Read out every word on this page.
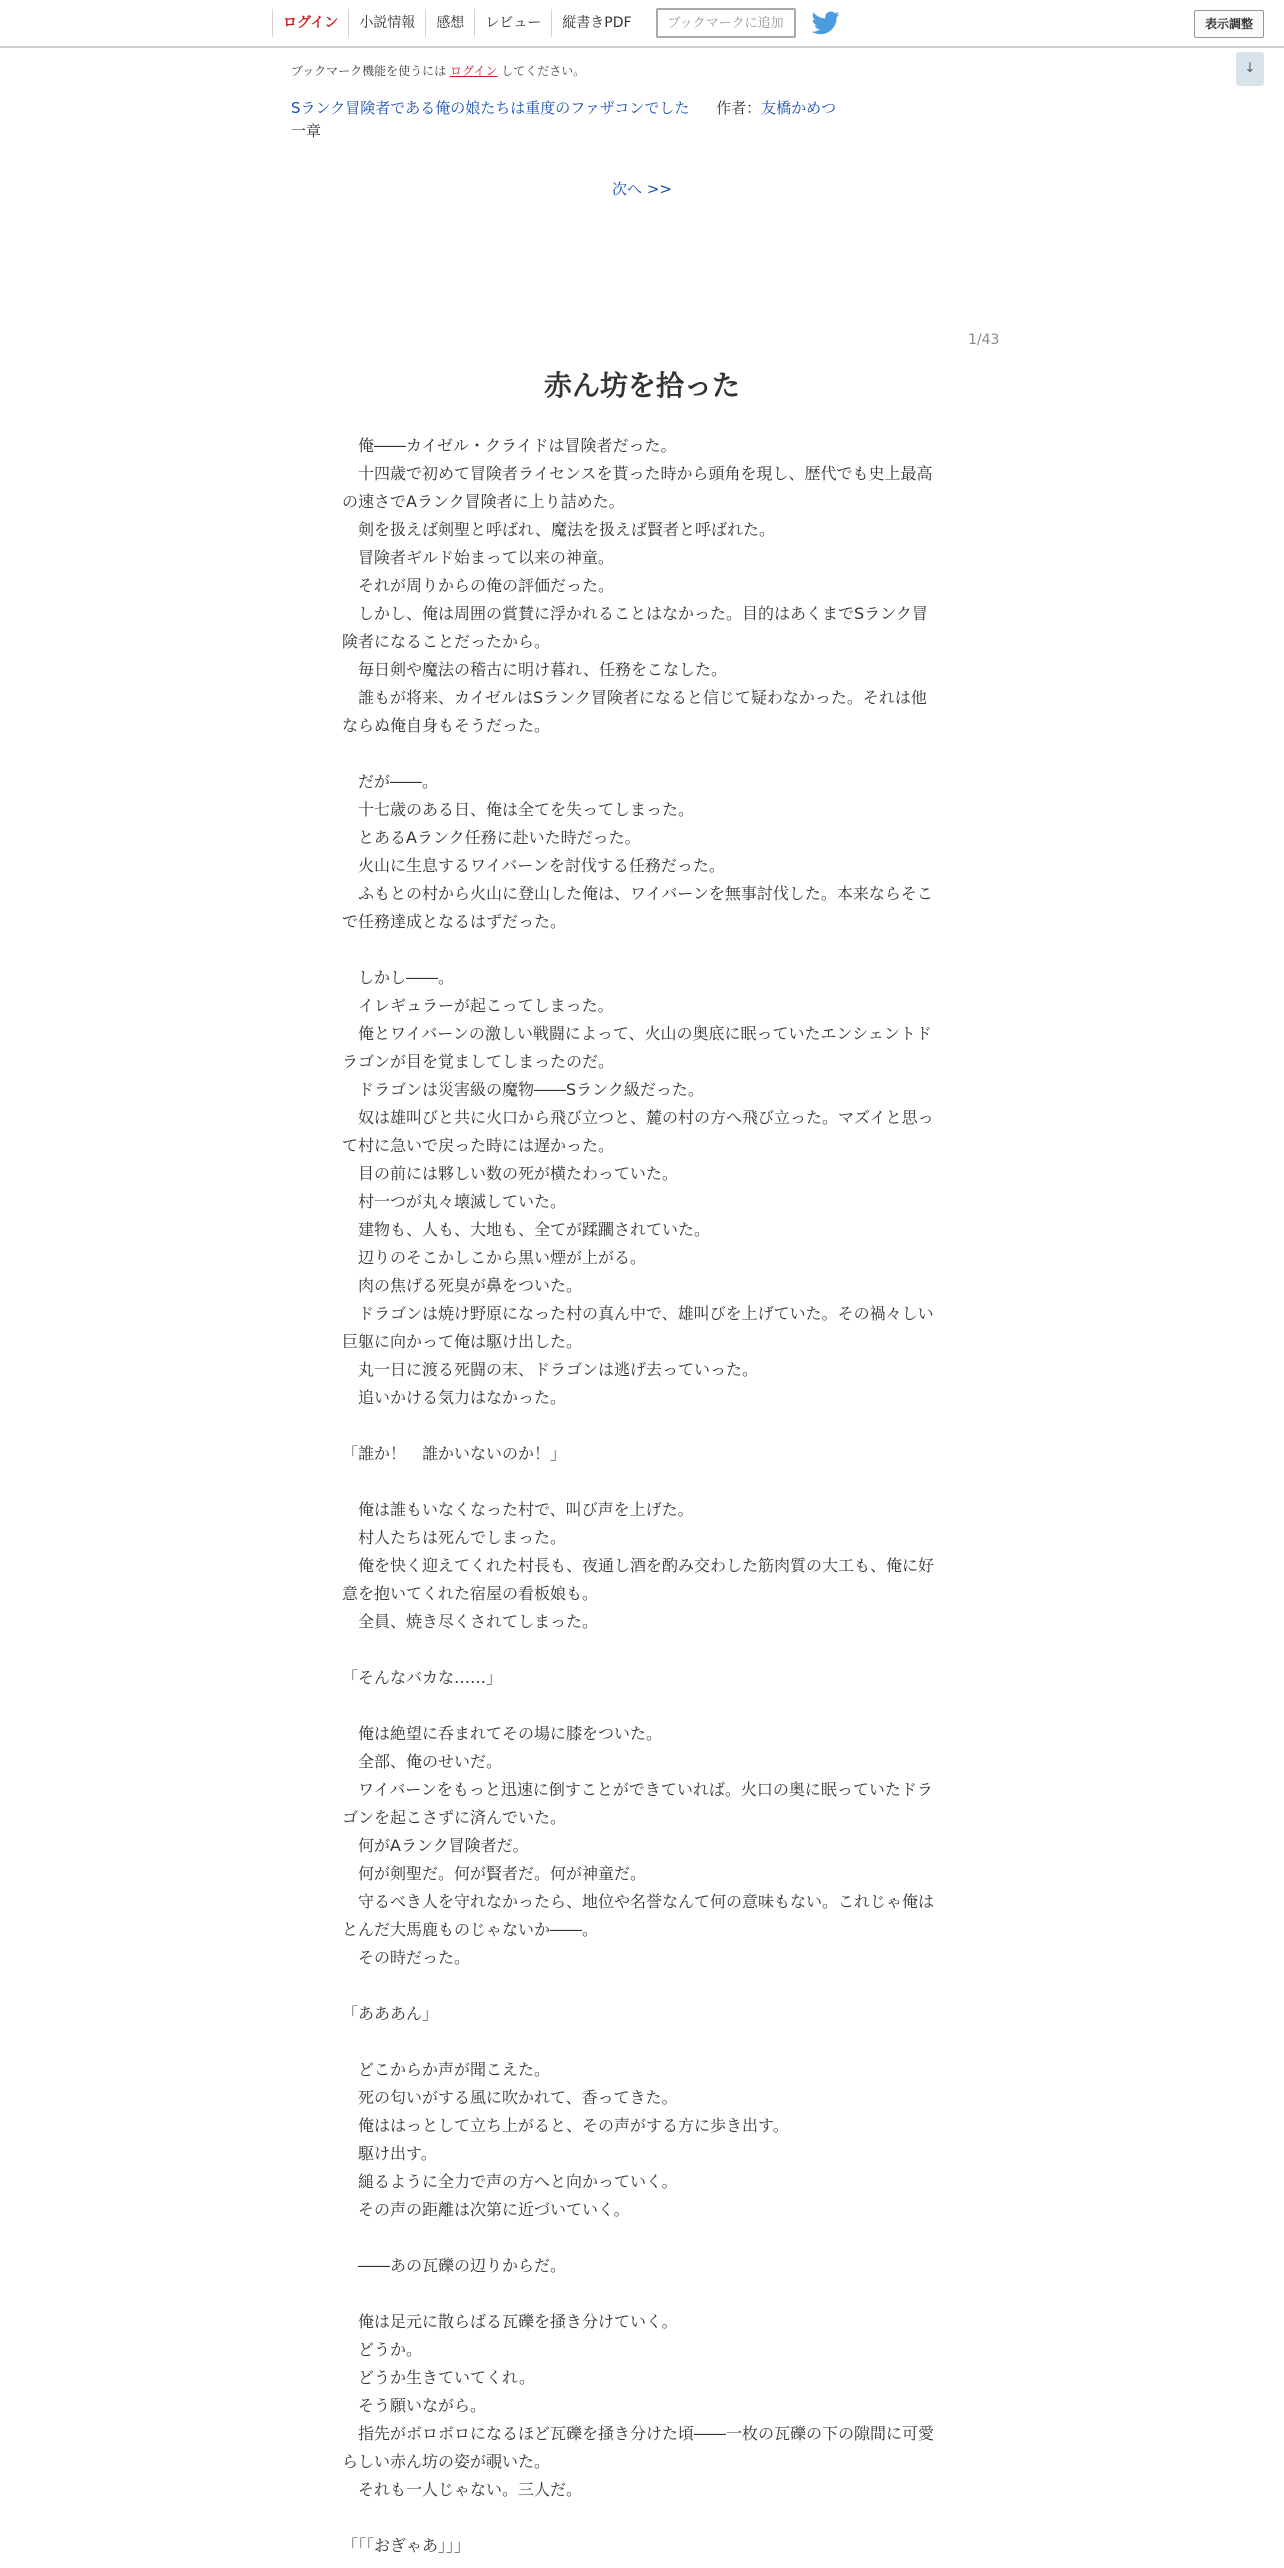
ログイン	小説情報	感想	レビュー	縦書きPDF	ブックマークに追加	表示調整
↓
ブックマーク機能を使うには ログイン してください。
Sランク冒険者である俺の娘たちは重度のファザコンでした 作者：友橋かめつ
一章
次へ >>
1/43
赤ん坊を拾った

　俺――カイゼル・クライドは冒険者だった。

　十四歳で初めて冒険者ライセンスを貰った時から頭角を現し、歴代でも史上最高

の速さでAランク冒険者に上り詰めた。

　剣を扱えば剣聖と呼ばれ、魔法を扱えば賢者と呼ばれた。

　冒険者ギルド始まって以来の神童。

　それが周りからの俺の評価だった。

　しかし、俺は周囲の賞賛に浮かれることはなかった。目的はあくまでSランク冒

険者になることだったから。

　毎日剣や魔法の稽古に明け暮れ、任務をこなした。

　誰もが将来、カイゼルはSランク冒険者になると信じて疑わなかった。それは他

ならぬ俺自身もそうだった。

　だが――。

　十七歳のある日、俺は全てを失ってしまった。

　とあるAランク任務に赴いた時だった。

　火山に生息するワイバーンを討伐する任務だった。

　ふもとの村から火山に登山した俺は、ワイバーンを無事討伐した。本来ならそこ

で任務達成となるはずだった。

　しかし――。

　イレギュラーが起こってしまった。

　俺とワイバーンの激しい戦闘によって、火山の奥底に眠っていたエンシェントド

ラゴンが目を覚ましてしまったのだ。

　ドラゴンは災害級の魔物――Sランク級だった。

　奴は雄叫びと共に火口から飛び立つと、麓の村の方へ飛び立った。マズイと思っ

て村に急いで戻った時には遅かった。

　目の前には夥しい数の死が横たわっていた。

　村一つが丸々壊滅していた。

　建物も、人も、大地も、全てが蹂躙されていた。

　辺りのそこかしこから黒い煙が上がる。

　肉の焦げる死臭が鼻をついた。

　ドラゴンは焼け野原になった村の真ん中で、雄叫びを上げていた。その禍々しい

巨躯に向かって俺は駆け出した。

　丸一日に渡る死闘の末、ドラゴンは逃げ去っていった。

　追いかける気力はなかった。

「誰か！　誰かいないのか！」

　俺は誰もいなくなった村で、叫び声を上げた。

　村人たちは死んでしまった。

　俺を快く迎えてくれた村長も、夜通し酒を酌み交わした筋肉質の大工も、俺に好

意を抱いてくれた宿屋の看板娘も。

　全員、焼き尽くされてしまった。

「そんなバカな……」

　俺は絶望に呑まれてその場に膝をついた。

　全部、俺のせいだ。

　ワイバーンをもっと迅速に倒すことができていれば。火口の奥に眠っていたドラ

ゴンを起こさずに済んでいた。

　何がAランク冒険者だ。

　何が剣聖だ。何が賢者だ。何が神童だ。

　守るべき人を守れなかったら、地位や名誉なんて何の意味もない。これじゃ俺は

とんだ大馬鹿ものじゃないか――。

　その時だった。

「あああん」

　どこからか声が聞こえた。

　死の匂いがする風に吹かれて、香ってきた。

　俺ははっとして立ち上がると、その声がする方に歩き出す。

　駆け出す。

　縋るように全力で声の方へと向かっていく。

　その声の距離は次第に近づいていく。

　――あの瓦礫の辺りからだ。

　俺は足元に散らばる瓦礫を掻き分けていく。

　どうか。

　どうか生きていてくれ。

　そう願いながら。

　指先がボロボロになるほど瓦礫を掻き分けた頃――一枚の瓦礫の下の隙間に可愛

らしい赤ん坊の姿が覗いた。

　それも一人じゃない。三人だ。

「「「おぎゃあ」」」
